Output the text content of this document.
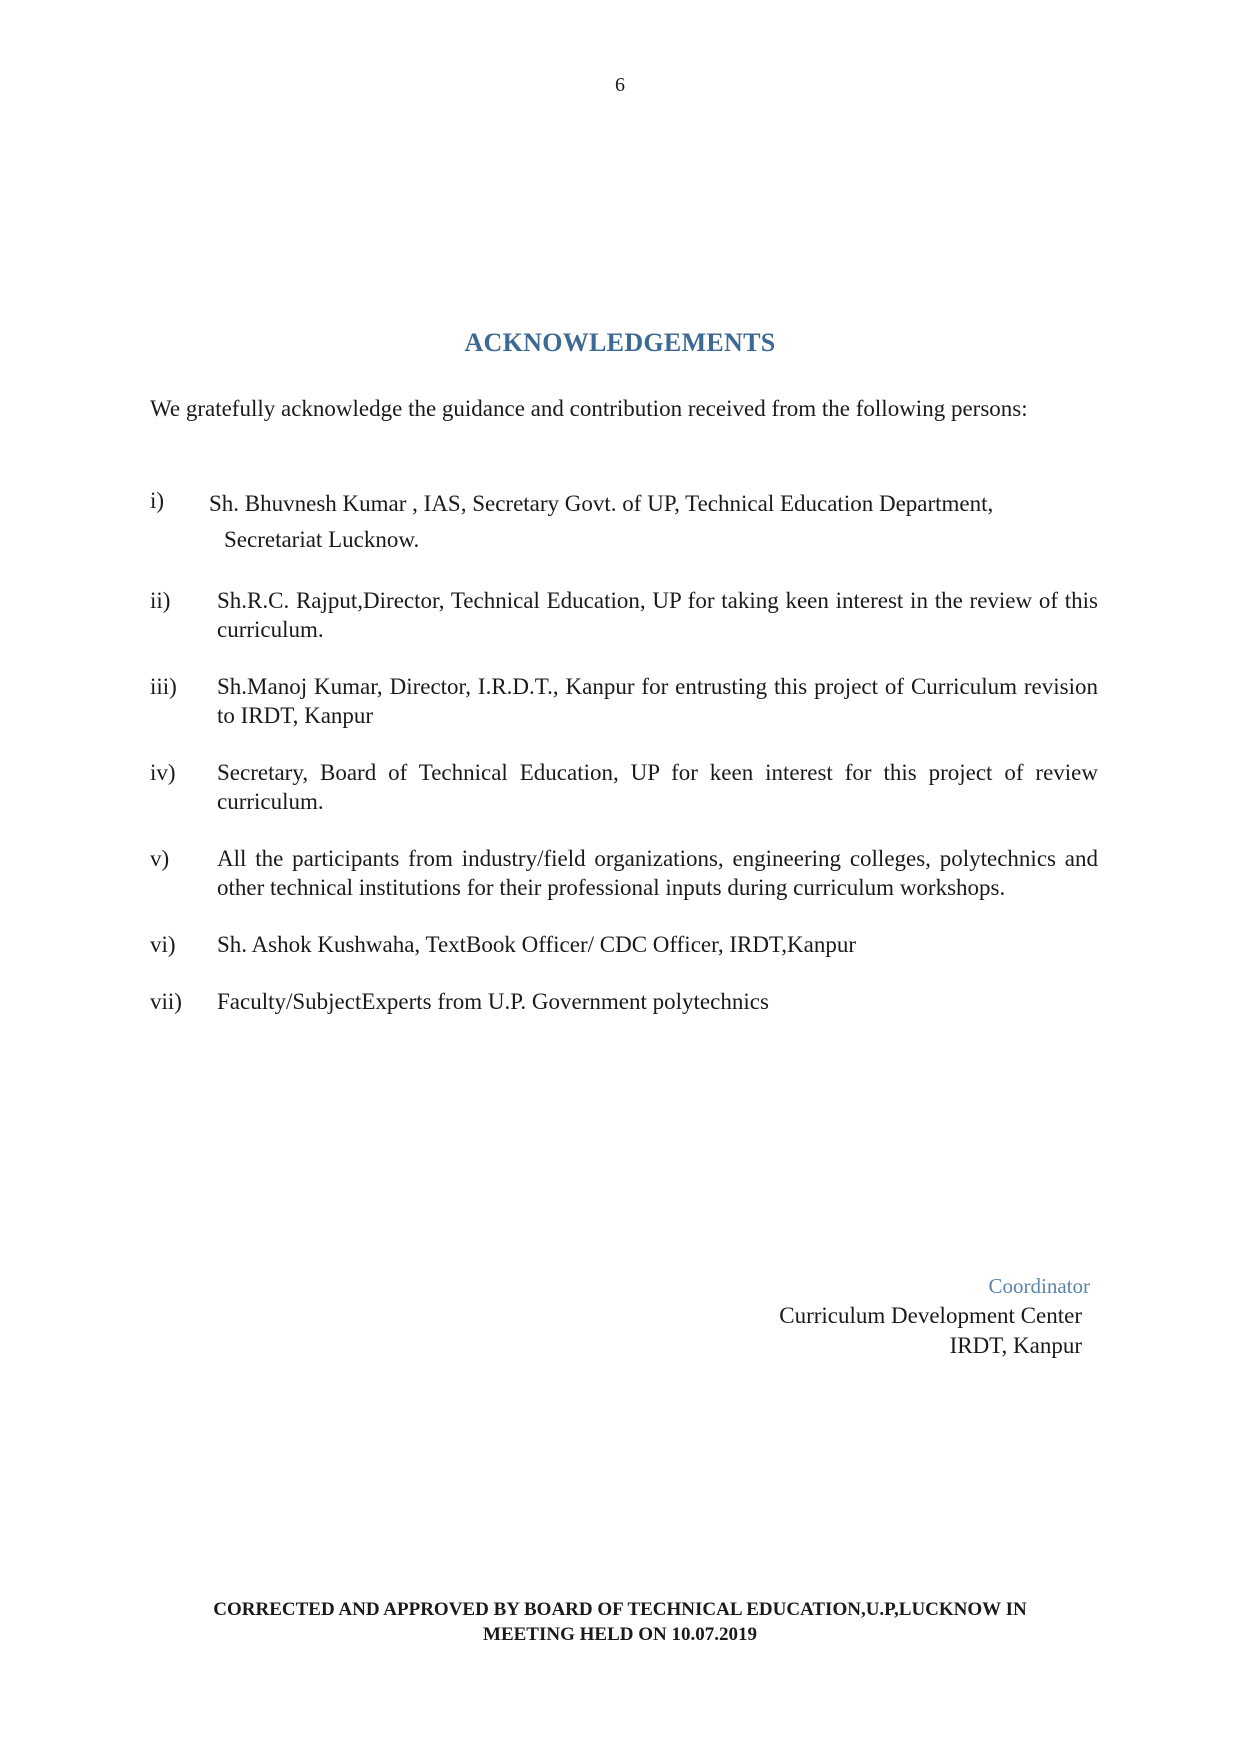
6
ACKNOWLEDGEMENTS
We gratefully acknowledge the guidance and contribution received from the following persons:
i) Sh. Bhuvnesh Kumar , IAS, Secretary Govt. of UP, Technical Education Department,
Secretariat Lucknow.
ii) Sh.R.C. Rajput,Director, Technical Education, UP for taking keen interest in the review of this curriculum.
iii) Sh.Manoj Kumar, Director, I.R.D.T., Kanpur for entrusting this project of Curriculum revision to IRDT, Kanpur
iv) Secretary, Board of Technical Education, UP for keen interest for this project of review curriculum.
v) All the participants from industry/field organizations, engineering colleges, polytechnics and other technical institutions for their professional inputs during curriculum workshops.
vi) Sh. Ashok Kushwaha, TextBook Officer/ CDC Officer, IRDT,Kanpur
vii) Faculty/SubjectExperts from U.P. Government polytechnics
Coordinator

Curriculum Development Center
IRDT, Kanpur
CORRECTED AND APPROVED BY BOARD OF TECHNICAL EDUCATION,U.P,LUCKNOW IN
MEETING HELD ON 10.07.2019
